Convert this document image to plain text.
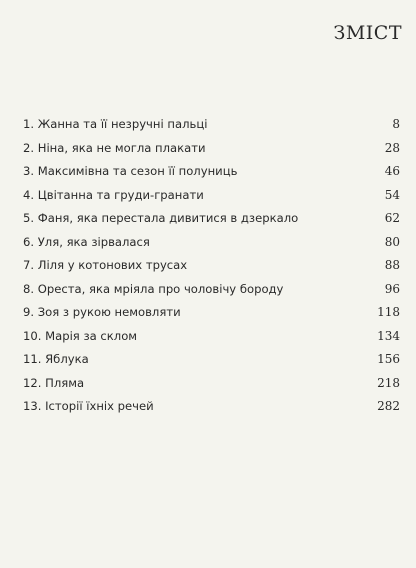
ЗМІСТ
1. Жанна та її незручні пальці	8
2. Ніна, яка не могла плакати	28
3. Максимівна та сезон її полуниць	46
4. Цвітанна та груди-гранати	54
5. Фаня, яка перестала дивитися в дзеркало	62
6. Уля, яка зірвалася	80
7. Ліля у котонових трусах	88
8. Ореста, яка мріяла про чоловічу бороду	96
9. Зоя з рукою немовляти	118
10. Марія за склом	134
11. Яблука	156
12. Пляма	218
13. Історії їхніх речей	282
